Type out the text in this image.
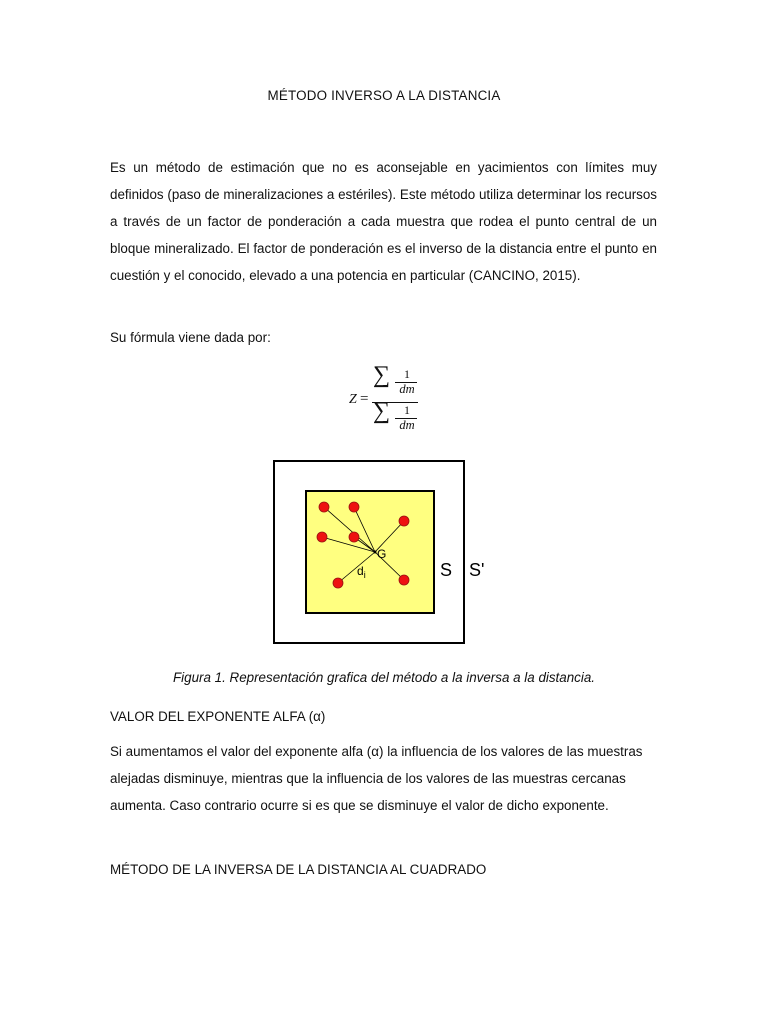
MÉTODO INVERSO A LA DISTANCIA

Es un método de estimación que no es aconsejable en yacimientos con límites muy definidos (paso de mineralizaciones a estériles). Este método utiliza determinar los recursos a través de un factor de ponderación a cada muestra que rodea el punto central de un bloque mineralizado. El factor de ponderación es el inverso de la distancia entre el punto en cuestión y el conocido, elevado a una potencia en particular (CANCINO, 2015).

Su fórmula viene dada por:
Z =
∑	1
dm
∑	1
dm
G
$d_i$	S S'
Figura 1. Representación grafica del método a la inversa a la distancia.
VALOR DEL EXPONENTE ALFA (α)

Si aumentamos el valor del exponente alfa (α) la influencia de los valores de las muestras alejadas disminuye, mientras que la influencia de los valores de las muestras cercanas aumenta. Caso contrario ocurre si es que se disminuye el valor de dicho exponente.

MÉTODO DE LA INVERSA DE LA DISTANCIA AL CUADRADO
